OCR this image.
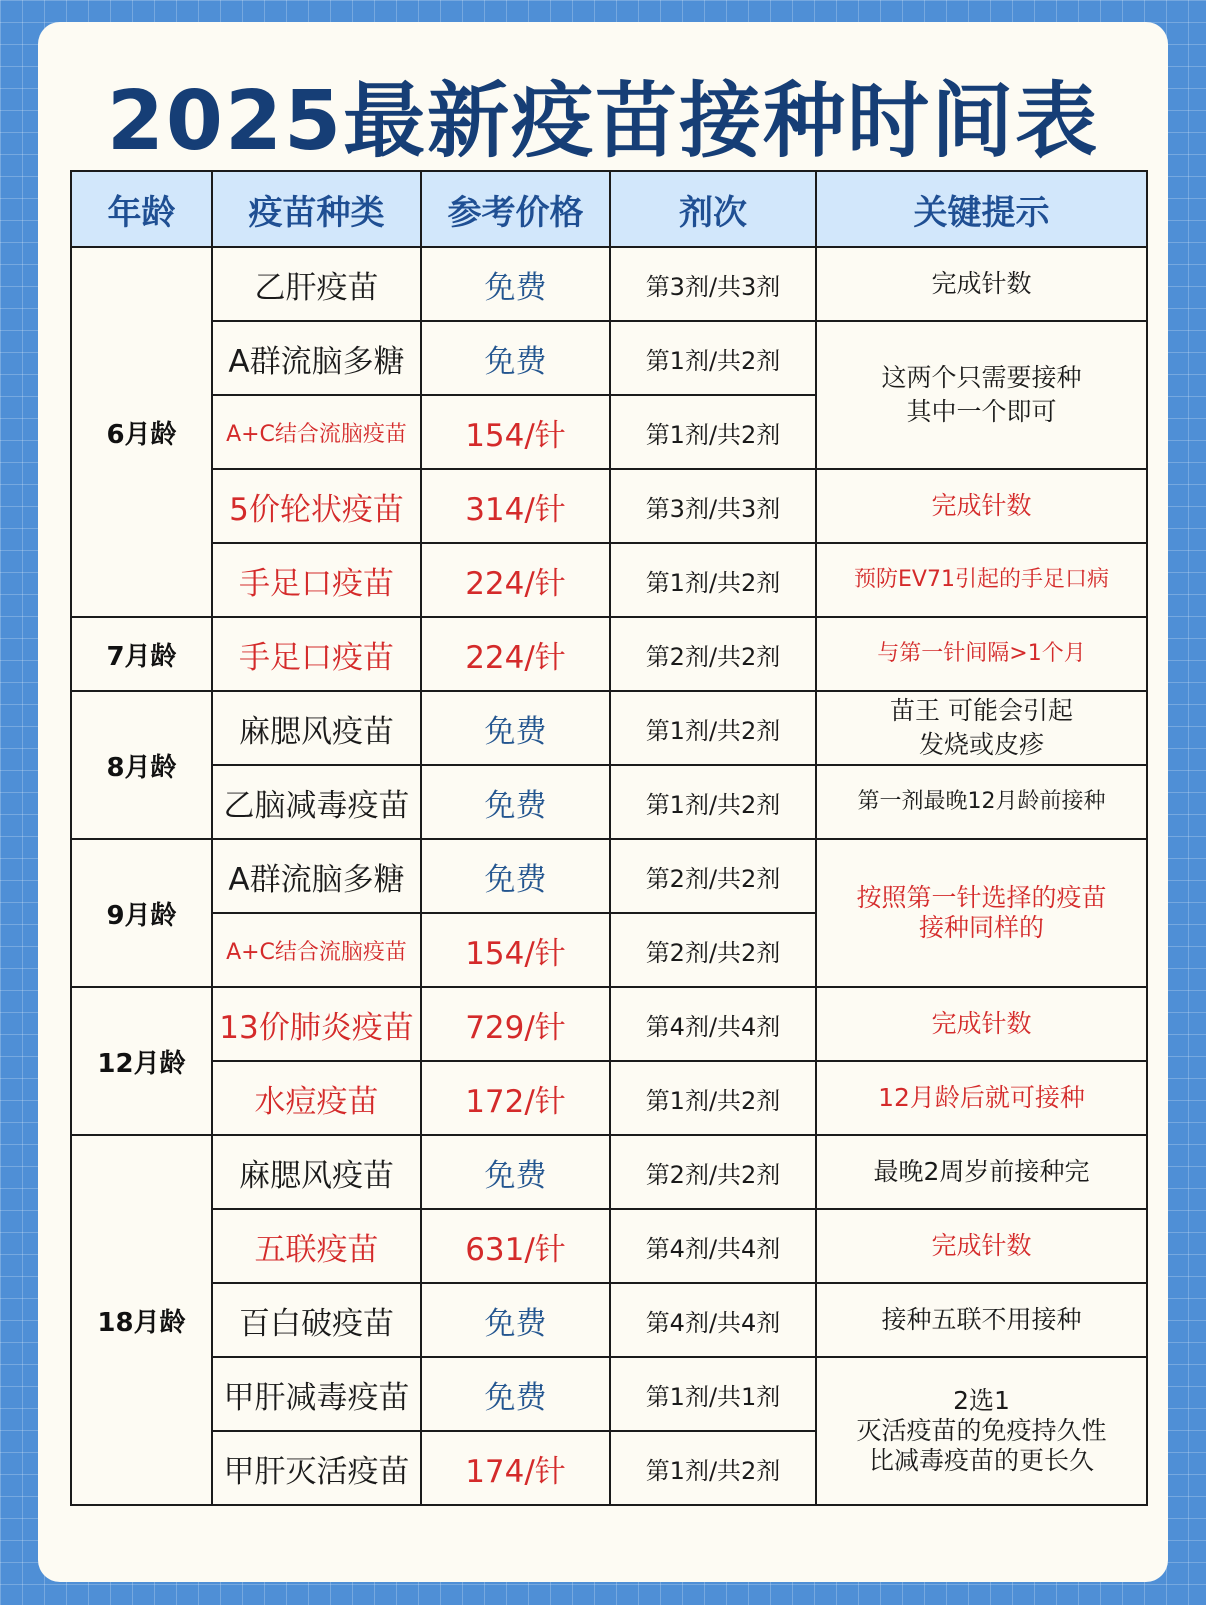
2025最新疫苗接种时间表
年龄	疫苗种类	参考价格	剂次	关键提示
6月龄	乙肝疫苗	免费	第3剂/共3剂	完成针数
	A群流脑多糖	免费	第1剂/共2剂	这两个只需要接种
其中一个即可
	A+C结合流脑疫苗	154/针	第1剂/共2剂	
	5价轮状疫苗	314/针	第3剂/共3剂	完成针数
	手足口疫苗	224/针	第1剂/共2剂	预防EV71引起的手足口病
7月龄	手足口疫苗	224/针	第2剂/共2剂	与第一针间隔>1个月
8月龄	麻腮风疫苗	免费	第1剂/共2剂	苗王 可能会引起
发烧或皮疹
	乙脑减毒疫苗	免费	第1剂/共2剂	第一剂最晚12月龄前接种
9月龄	A群流脑多糖	免费	第2剂/共2剂	按照第一针选择的疫苗
接种同样的
	A+C结合流脑疫苗	154/针	第2剂/共2剂	
12月龄	13价肺炎疫苗	729/针	第4剂/共4剂	完成针数
	水痘疫苗	172/针	第1剂/共2剂	12月龄后就可接种
18月龄	麻腮风疫苗	免费	第2剂/共2剂	最晚2周岁前接种完
	五联疫苗	631/针	第4剂/共4剂	完成针数
	百白破疫苗	免费	第4剂/共4剂	接种五联不用接种
	甲肝减毒疫苗	免费	第1剂/共1剂	2选1
灭活疫苗的免疫持久性
比减毒疫苗的更长久
	甲肝灭活疫苗	174/针	第1剂/共2剂	
